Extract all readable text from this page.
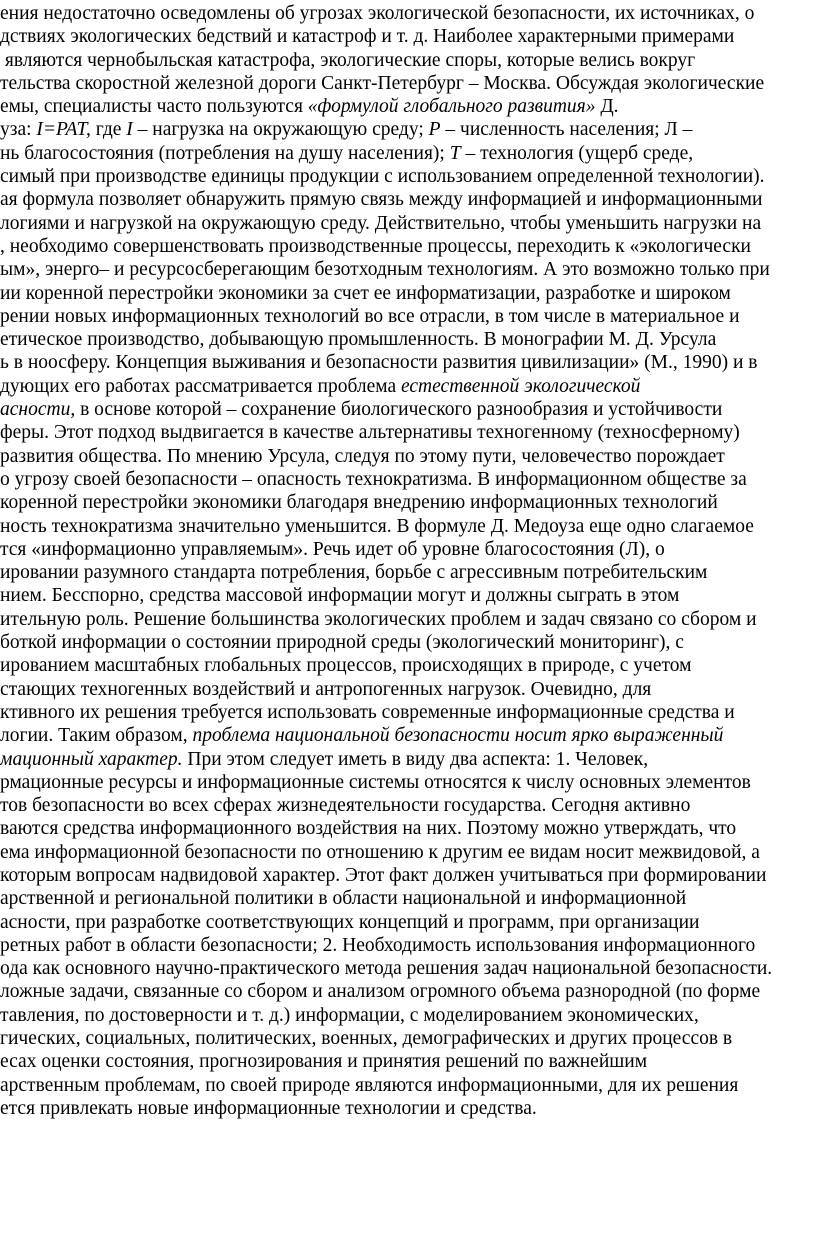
ения недостаточно осведомлены об угрозах экологической безопасности, их источниках, о
дствиях экологических бедствий и катастроф и т. д. Наиболее характерными примерами
являются чернобыльская катастрофа, экологические споры, которые велись вокруг
тельства скоростной железной дороги Санкт-Петербург – Москва. Обсуждая экологические
емы, специалисты часто пользуются «формулой глобального развития» Д.
уза: I=PAT, где I – нагрузка на окружающую среду; P – численность населения; Л –
нь благосостояния (потребления на душу населения); T – технология (ущерб среде,
симый при производстве единицы продукции с использованием определенной технологии).
ая формула позволяет обнаружить прямую связь между информацией и информационными
логиями и нагрузкой на окружающую среду. Действительно, чтобы уменьшить нагрузки на
, необходимо совершенствовать производственные процессы, переходить к «экологически
ым», энерго– и ресурсосберегающим безотходным технологиям. А это возможно только при
ии коренной перестройки экономики за счет ее информатизации, разработке и широком
рении новых информационных технологий во все отрасли, в том числе в материальное и
етическое производство, добывающую промышленность. В монографии М. Д. Урсула
ь в ноосферу. Концепция выживания и безопасности развития цивилизации» (М., 1990) и в
дующих его работах рассматривается проблема естественной экологической
асности, в основе которой – сохранение биологического разнообразия и устойчивости
феры. Этот подход выдвигается в качестве альтернативы техногенному (техносферному)
развития общества. По мнению Урсула, следуя по этому пути, человечество порождает
о угрозу своей безопасности – опасность технократизма. В информационном обществе за
коренной перестройки экономики благодаря внедрению информационных технологий
ность технократизма значительно уменьшится. В формуле Д. Медоуза еще одно слагаемое
тся «информационно управляемым». Речь идет об уровне благосостояния (Л), о
ировании разумного стандарта потребления, борьбе с агрессивным потребительским
нием. Бесспорно, средства массовой информации могут и должны сыграть в этом
ительную роль. Решение большинства экологических проблем и задач связано со сбором и
боткой информации о состоянии природной среды (экологический мониторинг), с
ированием масштабных глобальных процессов, происходящих в природе, с учетом
стающих техногенных воздействий и антропогенных нагрузок. Очевидно, для
ктивного их решения требуется использовать современные информационные средства и
логии. Таким образом, проблема национальной безопасности носит ярко выраженный
мационный характер. При этом следует иметь в виду два аспекта: 1. Человек,
рмационные ресурсы и информационные системы относятся к числу основных элементов
тов безопасности во всех сферах жизнедеятельности государства. Сегодня активно
ваются средства информационного воздействия на них. Поэтому можно утверждать, что
ема информационной безопасности по отношению к другим ее видам носит межвидовой, а
которым вопросам надвидовой характер. Этот факт должен учитываться при формировании
арственной и региональной политики в области национальной и информационной
асности, при разработке соответствующих концепций и программ, при организации
ретных работ в области безопасности; 2. Необходимость использования информационного
ода как основного научно-практического метода решения задач национальной безопасности.
ложные задачи, связанные со сбором и анализом огромного объема разнородной (по форме
тавления, по достоверности и т. д.) информации, с моделированием экономических,
гических, социальных, политических, военных, демографических и других процессов в
есах оценки состояния, прогнозирования и принятия решений по важнейшим
арственным проблемам, по своей природе являются информационными, для их решения
ется привлекать новые информационные технологии и средства.
